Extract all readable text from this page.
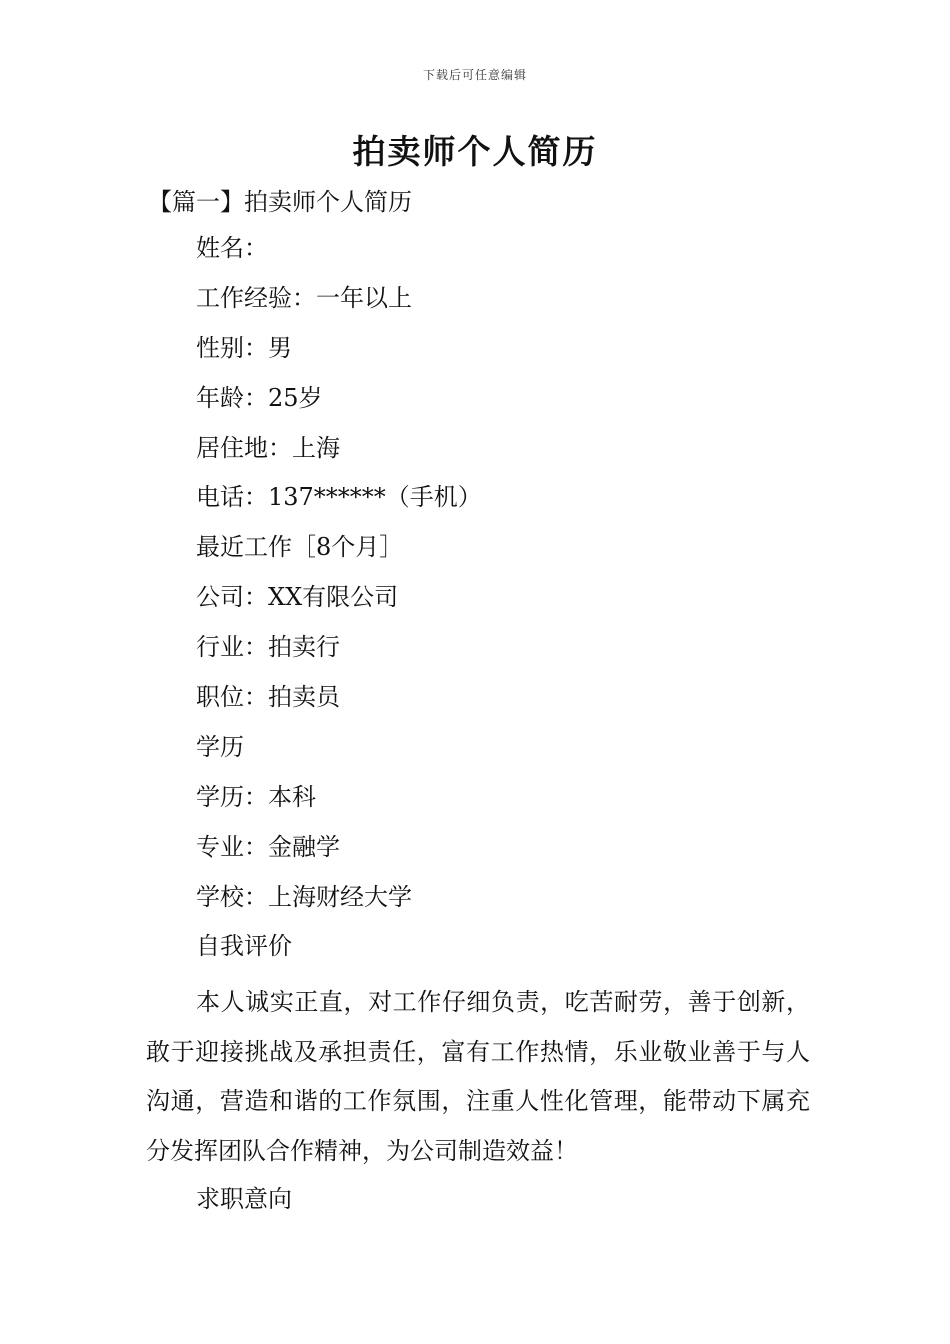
下载后可任意编辑
拍卖师个人简历
【篇一】拍卖师个人简历
姓名：
工作经验：一年以上
性别：男
年龄：25岁
居住地：上海
电话：137******（手机）
最近工作［8个月］
公司：XX有限公司
行业：拍卖行
职位：拍卖员
学历
学历：本科
专业：金融学
学校：上海财经大学
自我评价

本人诚实正直，对工作仔细负责，吃苦耐劳，善于创新，敢于迎接挑战及承担责任，富有工作热情，乐业敬业善于与人沟通，营造和谐的工作氛围，注重人性化管理，能带动下属充分发挥团队合作精神，为公司制造效益！

求职意向
